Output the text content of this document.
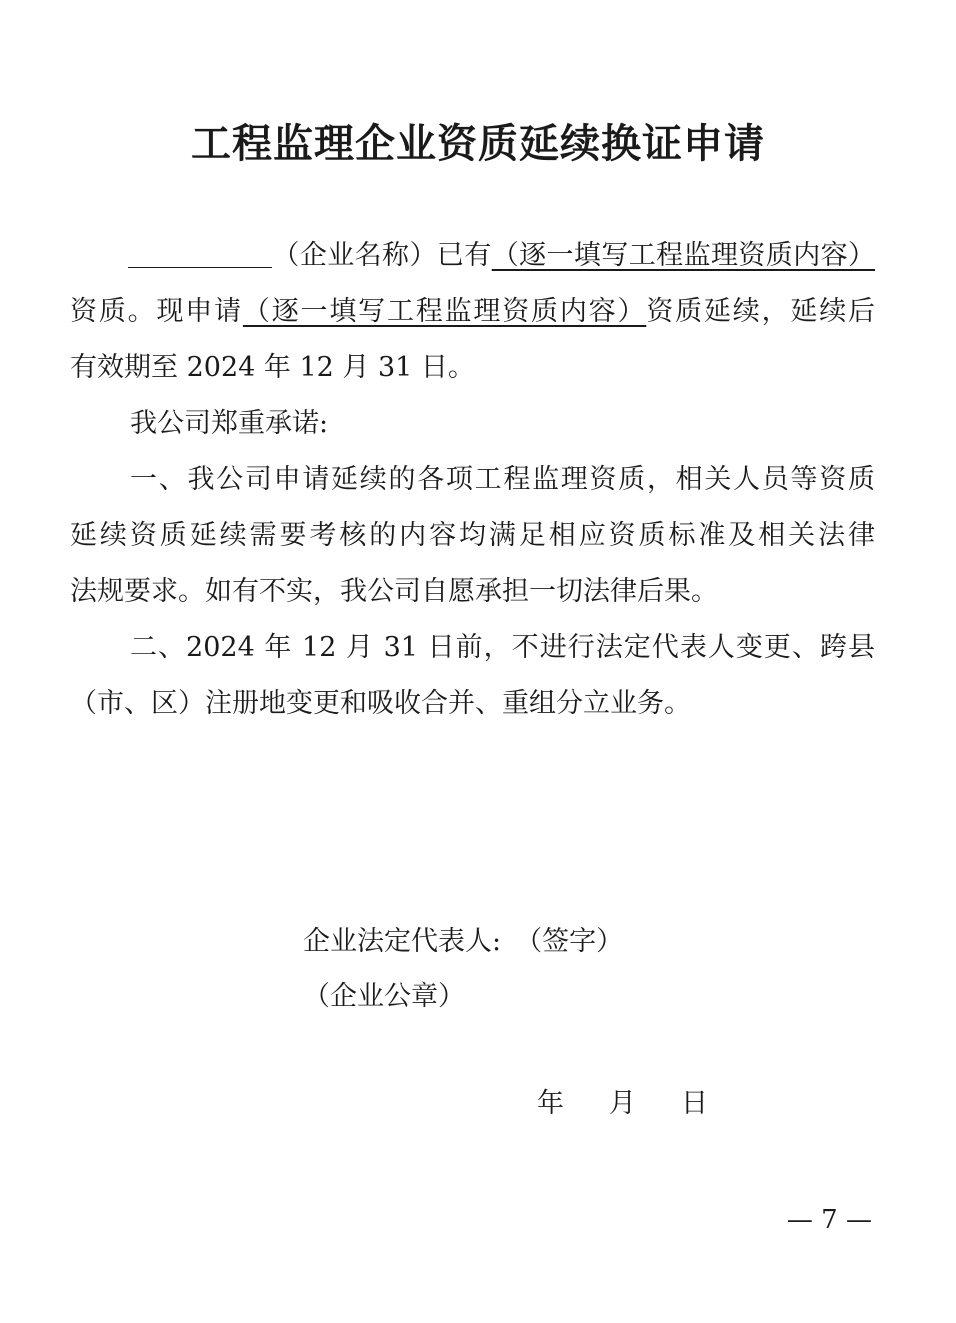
工程监理企业资质延续换证申请
（企业名称）已有（逐一填写工程监理资质内容）
资质。现申请（逐一填写工程监理资质内容）资质延续，延续后
有效期至 2024 年 12 月 31 日。
我公司郑重承诺:
一、我公司申请延续的各项工程监理资质，相关人员等资质
延续资质延续需要考核的内容均满足相应资质标准及相关法律
法规要求。如有不实，我公司自愿承担一切法律后果。
二、2024 年 12 月 31 日前，不进行法定代表人变更、跨县
（市、区）注册地变更和吸收合并、重组分立业务。
企业法定代表人: （签字）
（企业公章）
年 月 日
— 7 —
